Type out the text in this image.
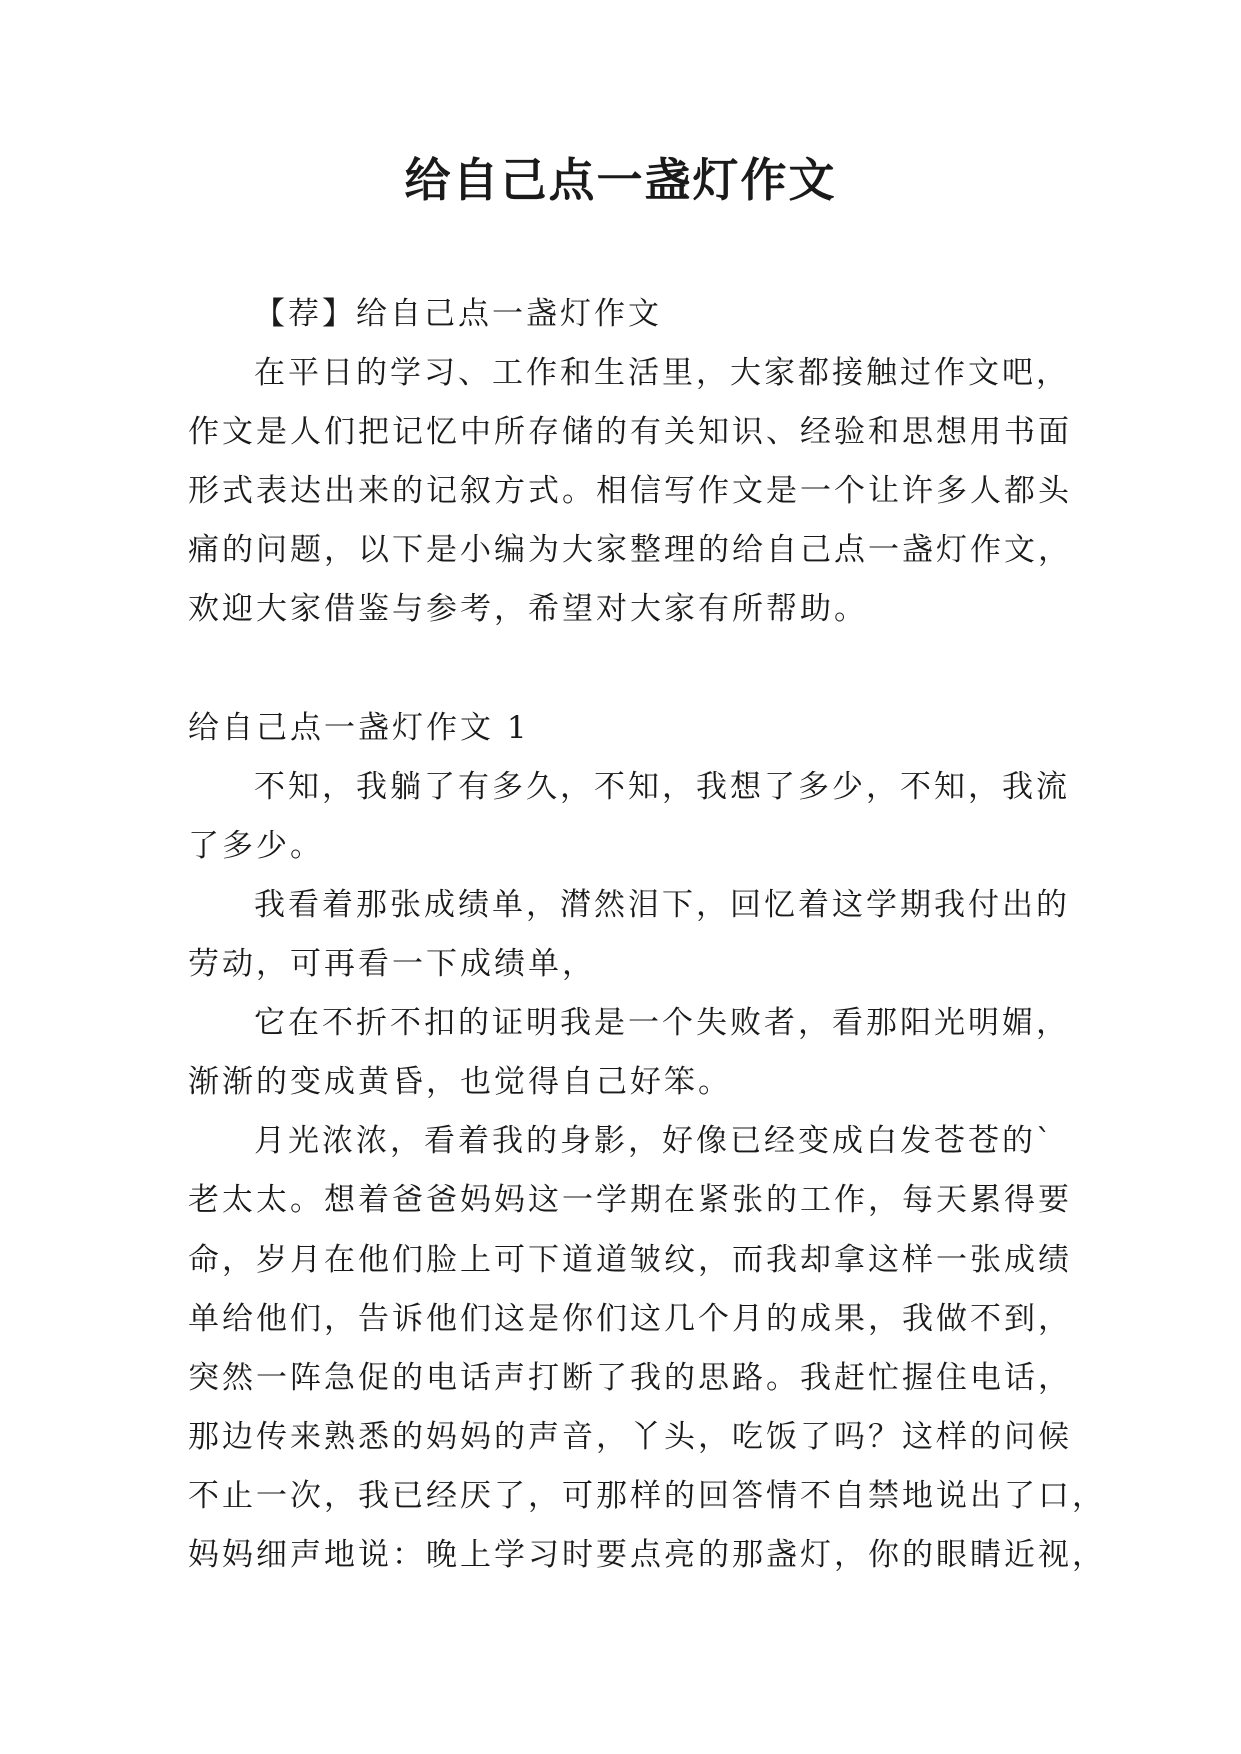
给自己点一盏灯作文
【荐】给自己点一盏灯作文
在平日的学习、工作和生活里，大家都接触过作文吧，
作文是人们把记忆中所存储的有关知识、经验和思想用书面
形式表达出来的记叙方式。相信写作文是一个让许多人都头
痛的问题，以下是小编为大家整理的给自己点一盏灯作文，
欢迎大家借鉴与参考，希望对大家有所帮助。
给自己点一盏灯作文 1
不知，我躺了有多久，不知，我想了多少，不知，我流
了多少。
我看着那张成绩单，潸然泪下，回忆着这学期我付出的
劳动，可再看一下成绩单，
它在不折不扣的证明我是一个失败者，看那阳光明媚，
渐渐的变成黄昏，也觉得自己好笨。
月光浓浓，看着我的身影，好像已经变成白发苍苍的`
老太太。想着爸爸妈妈这一学期在紧张的工作，每天累得要
命，岁月在他们脸上可下道道皱纹，而我却拿这样一张成绩
单给他们，告诉他们这是你们这几个月的成果，我做不到，
突然一阵急促的电话声打断了我的思路。我赶忙握住电话，
那边传来熟悉的妈妈的声音，丫头，吃饭了吗？这样的问候
不止一次，我已经厌了，可那样的回答情不自禁地说出了口，
妈妈细声地说：晚上学习时要点亮的那盏灯，你的眼睛近视，
